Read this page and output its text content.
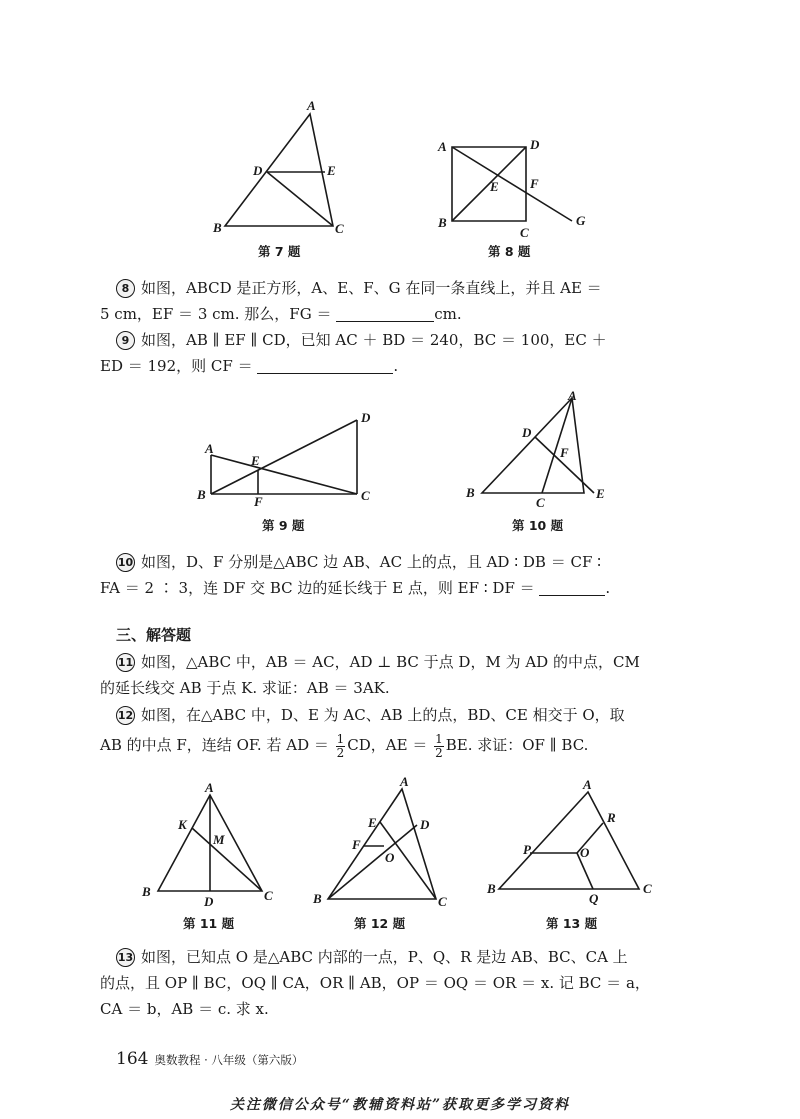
A
B	C
D	E
第 7 题
A	D
E F
B
C
G
第 8 题
8 如图，ABCD 是正方形，A、E、F、G 在同一条直线上，并且 AE ＝
5 cm，EF ＝ 3 cm. 那么，FG ＝	cm.
9 如图，AB ∥ EF ∥ CD，已知 AC ＋ BD ＝ 240，BC ＝ 100，EC ＋
ED ＝ 192，则 CF ＝	.
A
B	C
D
E
F
第 9 题
A
B
C
D
E
F
第 10 题
10 如图，D、F 分别是△ABC 边 AB、AC 上的点，且 AD ∶ DB ＝ CF ∶
FA ＝ 2 ∶ 3，连 DF 交 BC 边的延长线于 E 点，则 EF ∶ DF ＝	.
三、解答题
11 如图，△ABC 中，AB ＝ AC，AD ⊥ BC 于点 D，M 为 AD 的中点，CM
的延长线交 AB 于点 K. 求证：AB ＝ 3AK.
12 如图，在△ABC 中，D、E 为 AC、AB 上的点，BD、CE 相交于 O，取
AB 的中点 F，连结 OF. 若 AD ＝ $\frac{1}{2}$ CD，AE ＝ $\frac{1}{2}$ BE. 求证：OF ∥ BC.
A
B	C
D
K
M
第 11 题
A
B	C
D
E
F
O
第 12 题
A
B	C
P
Q
R
O
第 13 题
13 如图，已知点 O 是△ABC 内部的一点，P、Q、R 是边 AB、BC、CA 上
的点，且 OP ∥ BC，OQ ∥ CA，OR ∥ AB，OP ＝ OQ ＝ OR ＝ x. 记 BC ＝ a，
CA ＝ b，AB ＝ c. 求 x.
164 奥数教程 · 八年级（第六版）
关注微信公众号“教辅资料站”获取更多学习资料
